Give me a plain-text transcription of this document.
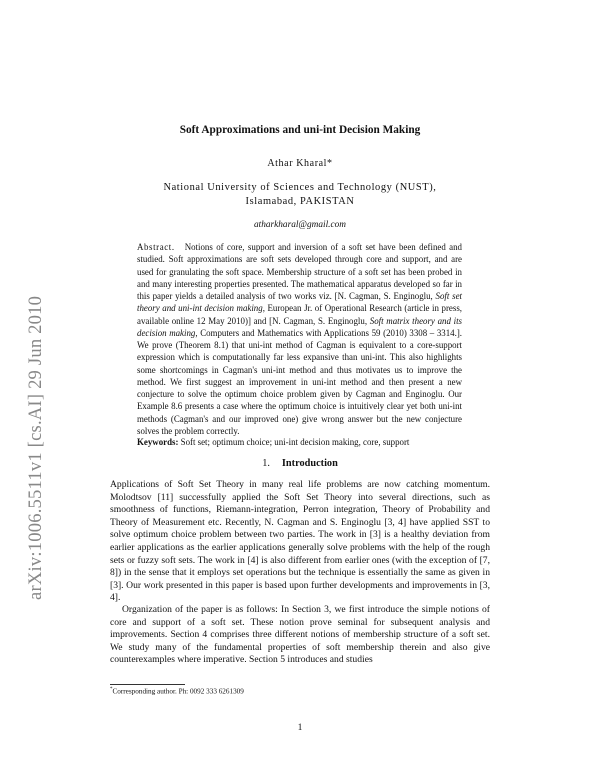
arXiv:1006.5511v1 [cs.AI] 29 Jun 2010
Soft Approximations and uni-int Decision Making
Athar Kharal*
National University of Sciences and Technology (NUST),
Islamabad, PAKISTAN
atharkharal@gmail.com

Abstract. Notions of core, support and inversion of a soft set have been defined and studied. Soft approximations are soft sets developed through core and support, and are used for granulating the soft space. Membership structure of a soft set has been probed in and many interesting properties presented. The mathematical apparatus developed so far in this paper yields a detailed analysis of two works viz. [N. Cagman, S. Enginoglu, Soft set theory and uni-int decision making, European Jr. of Operational Research (article in press, available online 12 May 2010)] and [N. Cagman, S. Enginoglu, Soft matrix theory and its decision making, Computers and Mathematics with Applications 59 (2010) 3308 – 3314.]. We prove (Theorem 8.1) that uni-int method of Cagman is equivalent to a core-support expression which is computationally far less expansive than uni-int. This also highlights some shortcomings in Cagman's uni-int method and thus motivates us to improve the method. We first suggest an improvement in uni-int method and then present a new conjecture to solve the optimum choice problem given by Cagman and Enginoglu. Our Example 8.6 presents a case where the optimum choice is intuitively clear yet both uni-int methods (Cagman's and our improved one) give wrong answer but the new conjecture solves the problem correctly.

Keywords: Soft set; optimum choice; uni-int decision making, core, support
1. Introduction

Applications of Soft Set Theory in many real life problems are now catching momentum. Molodtsov [11] successfully applied the Soft Set Theory into several directions, such as smoothness of functions, Riemann-integration, Perron integration, Theory of Probability and Theory of Measurement etc. Recently, N. Cagman and S. Enginoglu [3, 4] have applied SST to solve optimum choice problem between two parties. The work in [3] is a healthy deviation from earlier applications as the earlier applications generally solve problems with the help of the rough sets or fuzzy soft sets. The work in [4] is also different from earlier ones (with the exception of [7, 8]) in the sense that it employs set operations but the technique is essentially the same as given in [3]. Our work presented in this paper is based upon further developments and improvements in [3, 4].

Organization of the paper is as follows: In Section 3, we first introduce the simple notions of core and support of a soft set. These notion prove seminal for subsequent analysis and improvements. Section 4 comprises three different notions of membership structure of a soft set. We study many of the fundamental properties of soft membership therein and also give counterexamples where imperative. Section 5 introduces and studies

*Corresponding author. Ph: 0092 333 6261309
1
